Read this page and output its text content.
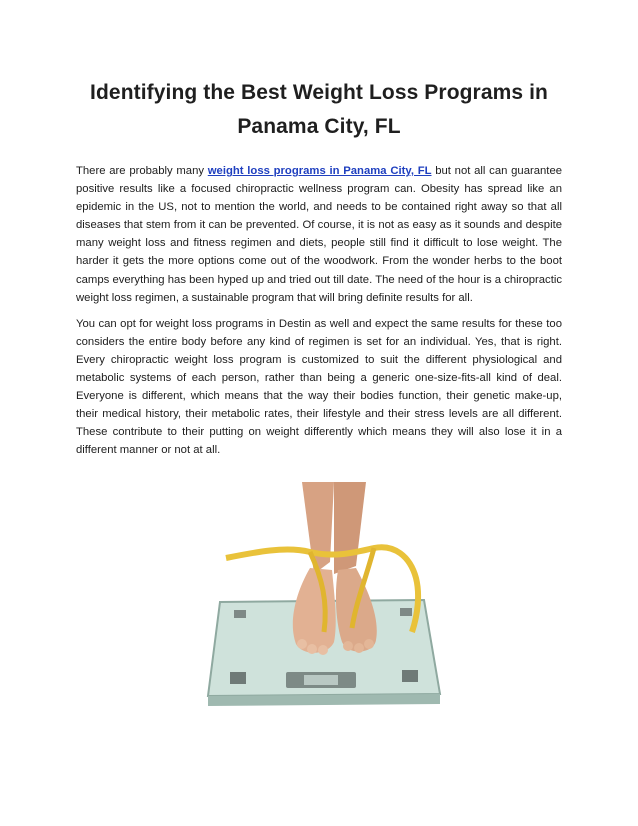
Identifying the Best Weight Loss Programs in
Panama City, FL

There are probably many weight loss programs in Panama City, FL but not all can guarantee positive results like a focused chiropractic wellness program can. Obesity has spread like an epidemic in the US, not to mention the world, and needs to be contained right away so that all diseases that stem from it can be prevented. Of course, it is not as easy as it sounds and despite many weight loss and fitness regimen and diets, people still find it difficult to lose weight. The harder it gets the more options come out of the woodwork. From the wonder herbs to the boot camps everything has been hyped up and tried out till date. The need of the hour is a chiropractic weight loss regimen, a sustainable program that will bring definite results for all.

You can opt for weight loss programs in Destin as well and expect the same results for these too considers the entire body before any kind of regimen is set for an individual. Yes, that is right. Every chiropractic weight loss program is customized to suit the different physiological and metabolic systems of each person, rather than being a generic one-size-fits-all kind of deal. Everyone is different, which means that the way their bodies function, their genetic make-up, their medical history, their metabolic rates, their lifestyle and their stress levels are all different. These contribute to their putting on weight differently which means they will also lose it in a different manner or not at all.
